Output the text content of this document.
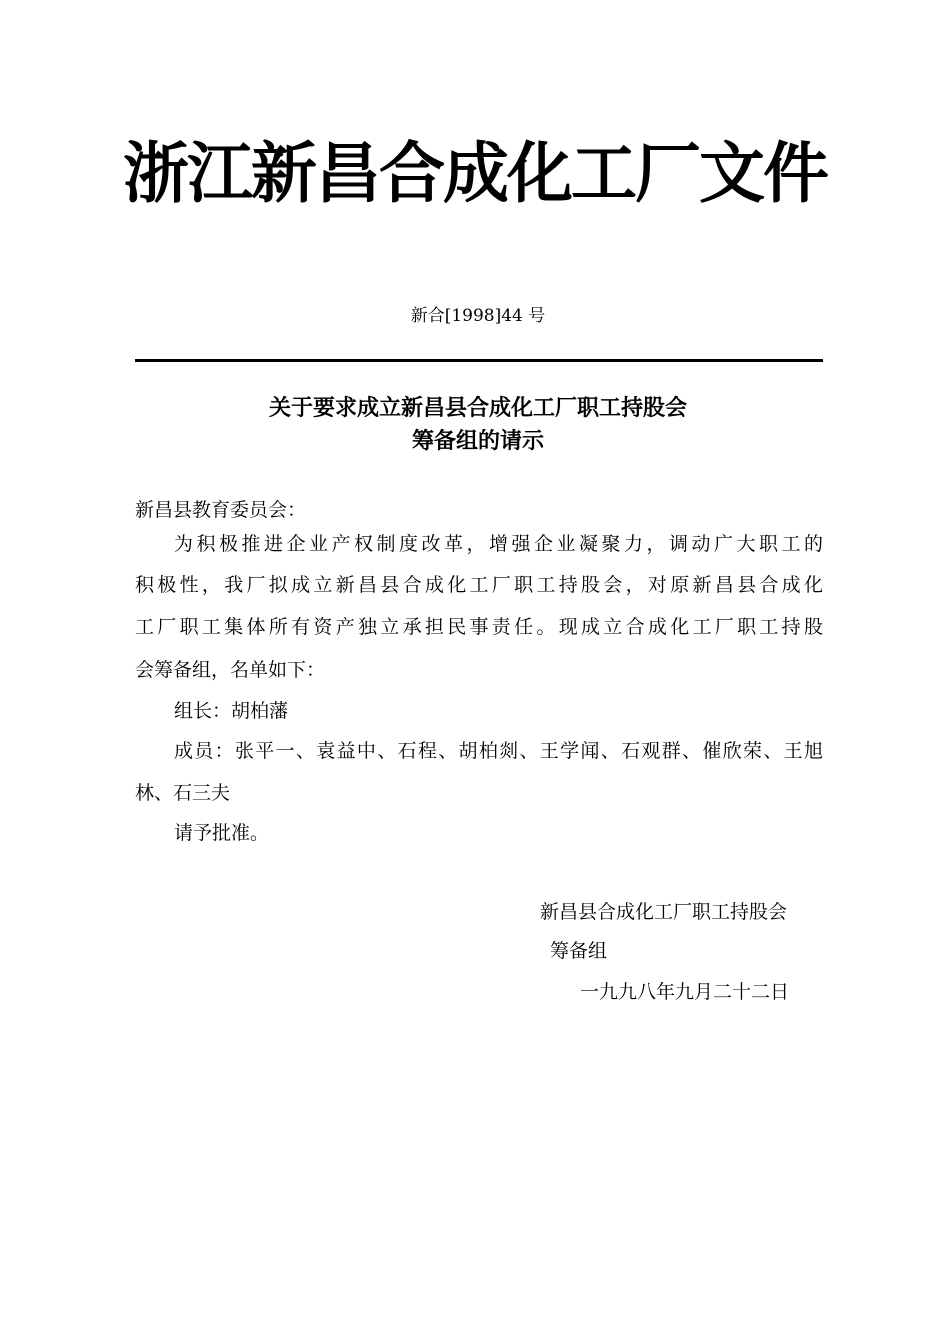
浙江新昌合成化工厂文件
新合[1998]44 号
关于要求成立新昌县合成化工厂职工持股会
筹备组的请示
新昌县教育委员会：
为积极推进企业产权制度改革，增强企业凝聚力，调动广大职工的
积极性，我厂拟成立新昌县合成化工厂职工持股会，对原新昌县合成化
工厂职工集体所有资产独立承担民事责任。现成立合成化工厂职工持股
会筹备组，名单如下：
组长：胡柏藩
成员：张平一、袁益中、石程、胡柏剡、王学闻、石观群、催欣荣、王旭
林、石三夫
请予批准。
新昌县合成化工厂职工持股会
筹备组
一九九八年九月二十二日
